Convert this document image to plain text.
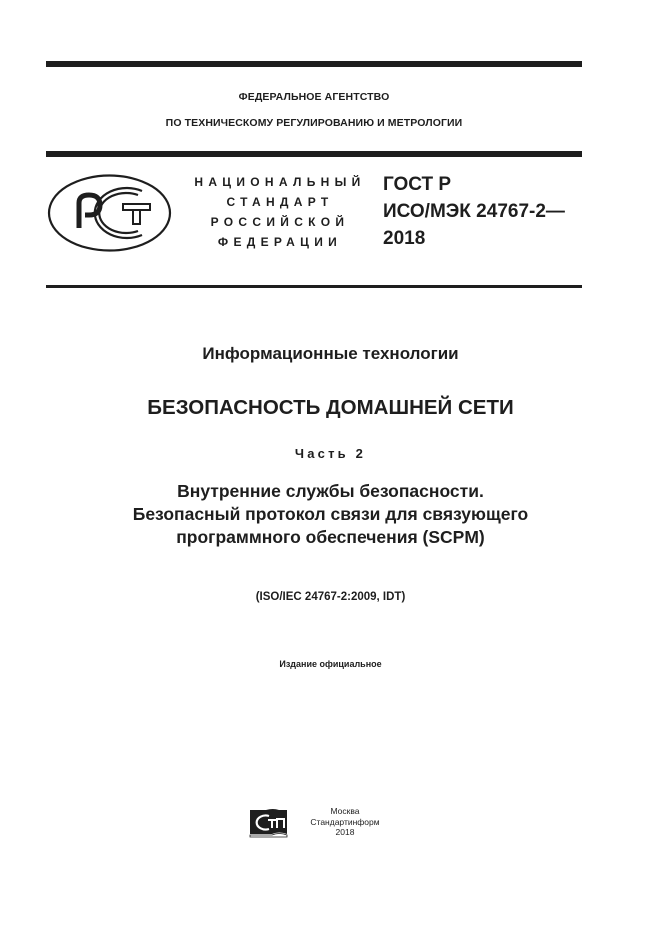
ФЕДЕРАЛЬНОЕ АГЕНТСТВО
ПО ТЕХНИЧЕСКОМУ РЕГУЛИРОВАНИЮ И МЕТРОЛОГИИ
НАЦИОНАЛЬНЫЙ
СТАНДАРТ
РОССИЙСКОЙ
ФЕДЕРАЦИИ
ГОСТ Р
ИСО/МЭК 24767-2—
2018
Информационные технологии
БЕЗОПАСНОСТЬ ДОМАШНЕЙ СЕТИ
Часть 2
Внутренние службы безопасности.
Безопасный протокол связи для связующего
программного обеспечения (SCPM)
(ISO/IEC 24767-2:2009, IDT)
Издание официальное
Москва
Стандартинформ
2018
